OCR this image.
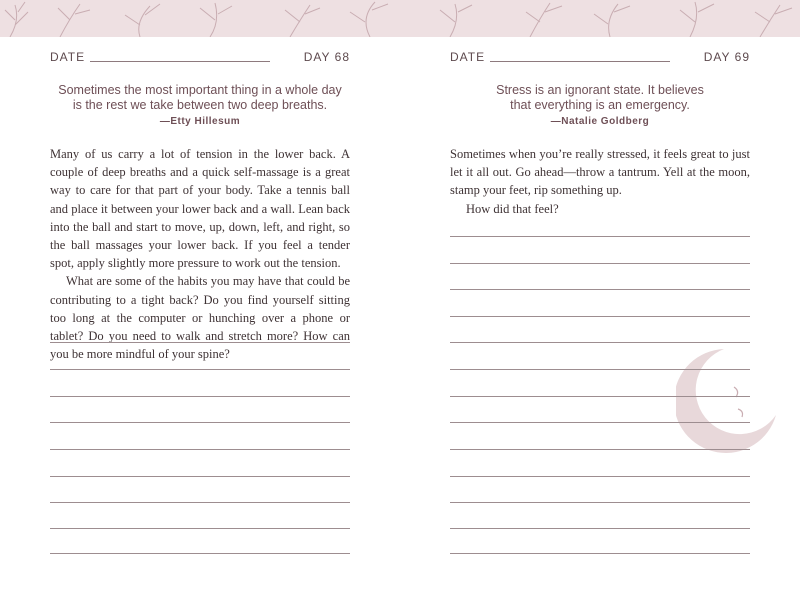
DATE	DAY 68
Sometimes the most important thing in a whole day
is the rest we take between two deep breaths.
—Etty Hillesum

Many of us carry a lot of tension in the lower back. A couple of deep breaths and a quick self-massage is a great way to care for that part of your body. Take a tennis ball and place it between your lower back and a wall. Lean back into the ball and start to move, up, down, left, and right, so the ball massages your lower back. If you feel a tender spot, apply slightly more pressure to work out the tension.

What are some of the habits you may have that could be contributing to a tight back? Do you find yourself sitting too long at the computer or hunching over a phone or tablet? Do you need to walk and stretch more? How can you be more mindful of your spine?

DATE	DAY 69
Stress is an ignorant state. It believes
that everything is an emergency.
—Natalie Goldberg

Sometimes when you’re really stressed, it feels great to just let it all out. Go ahead—throw a tantrum. Yell at the moon, stamp your feet, rip something up.

How did that feel?
